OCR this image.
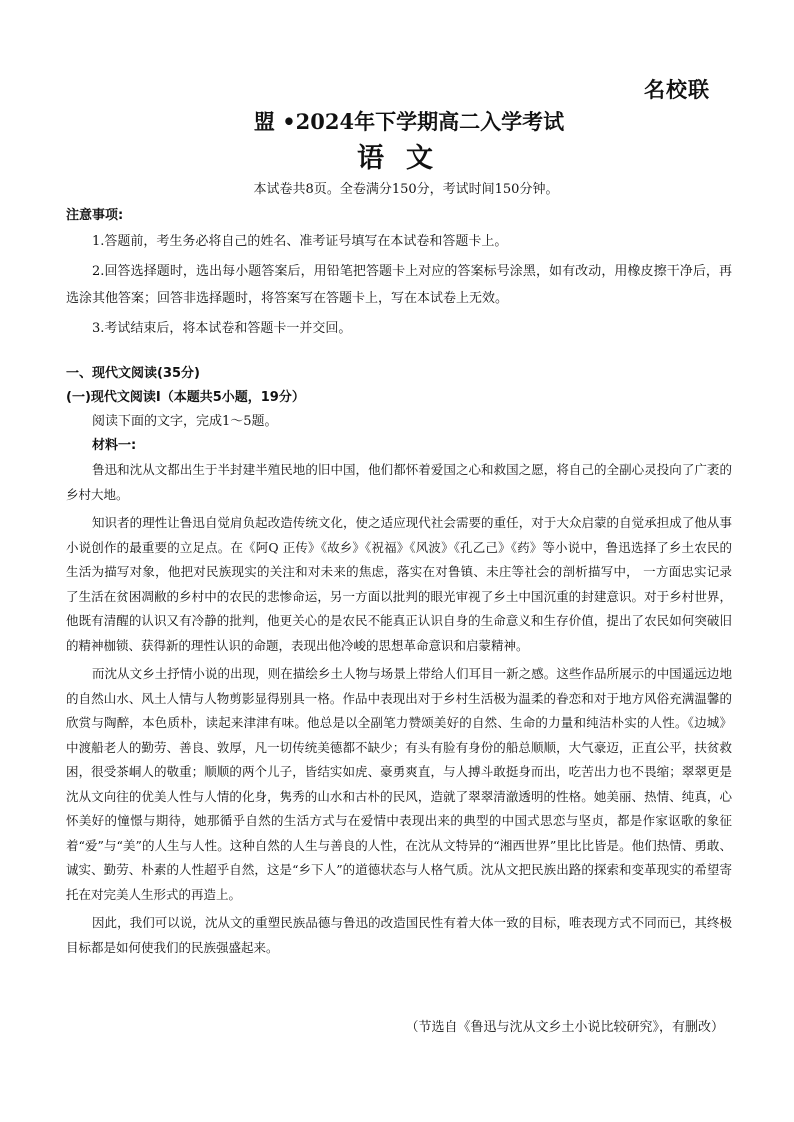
名校联
盟 •2024年下学期高二入学考试
语文
本试卷共8页。全卷满分150分，考试时间150分钟。
注意事项:

1.答题前，考生务必将自己的姓名、准考证号填写在本试卷和答题卡上。

2.回答选择题时，选出每小题答案后，用铅笔把答题卡上对应的答案标号涂黑，如有改动，用橡皮擦干净后，再选涂其他答案；回答非选择题时，将答案写在答题卡上，写在本试卷上无效。

3.考试结束后，将本试卷和答题卡一并交回。

一、现代文阅读(35分)
(一)现代文阅读I（本题共5小题，19分）
阅读下面的文字，完成1～5题。
材料一:

鲁迅和沈从文都出生于半封建半殖民地的旧中国，他们都怀着爱国之心和救国之愿，将自己的全副心灵投向了广袤的乡村大地。

知识者的理性让鲁迅自觉肩负起改造传统文化，使之适应现代社会需要的重任，对于大众启蒙的自觉承担成了他从事小说创作的最重要的立足点。在《阿Q 正传》《故乡》《祝福》《风波》《孔乙己》《药》等小说中，鲁迅选择了乡土农民的生活为描写对象，他把对民族现实的关注和对未来的焦虑，落实在对鲁镇、未庄等社会的剖析描写中， 一方面忠实记录了生活在贫困凋敝的乡村中的农民的悲惨命运，另一方面以批判的眼光审视了乡土中国沉重的封建意识。对于乡村世界，他既有清醒的认识又有冷静的批判，他更关心的是农民不能真正认识自身的生命意义和生存价值，提出了农民如何突破旧的精神枷锁、获得新的理性认识的命题，表现出他冷峻的思想革命意识和启蒙精神。

而沈从文乡土抒情小说的出现，则在描绘乡土人物与场景上带给人们耳目一新之感。这些作品所展示的中国遥远边地的自然山水、风土人情与人物剪影显得别具一格。作品中表现出对于乡村生活极为温柔的眷恋和对于地方风俗充满温馨的欣赏与陶醉，本色质朴，读起来津津有味。他总是以全副笔力赞颂美好的自然、生命的力量和纯洁朴实的人性。《边城》中渡船老人的勤劳、善良、敦厚，凡一切传统美德都不缺少；有头有脸有身份的船总顺顺，大气豪迈，正直公平，扶贫救困，很受茶峒人的敬重；顺顺的两个儿子，皆结实如虎、豪勇爽直，与人搏斗敢挺身而出，吃苦出力也不畏缩；翠翠更是沈从文向往的优美人性与人情的化身，隽秀的山水和古朴的民风，造就了翠翠清澈透明的性格。她美丽、热情、纯真，心怀美好的憧憬与期待，她那循乎自然的生活方式与在爱情中表现出来的典型的中国式思恋与坚贞，都是作家讴歌的象征着“爱”与“美”的人生与人性。这种自然的人生与善良的人性，在沈从文特异的“湘西世界”里比比皆是。他们热情、勇敢、诚实、勤劳、朴素的人性超乎自然，这是“乡下人”的道德状态与人格气质。沈从文把民族出路的探索和变革现实的希望寄托在对完美人生形式的再造上。

因此，我们可以说，沈从文的重塑民族品德与鲁迅的改造国民性有着大体一致的目标，唯表现方式不同而已，其终极目标都是如何使我们的民族强盛起来。

（节选自《鲁迅与沈从文乡土小说比较研究》，有删改）
